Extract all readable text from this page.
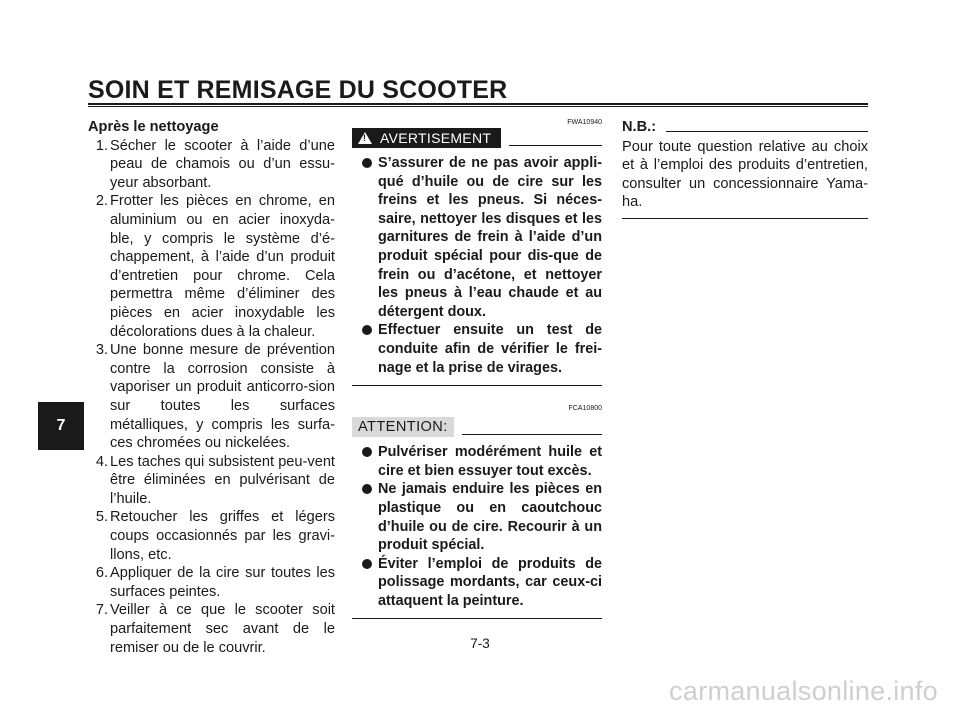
SOIN ET REMISAGE DU SCOOTER
7
Après le nettoyage
1. Sécher le scooter à l’aide d’une peau de chamois ou d’un essu-yeur absorbant.
2. Frotter les pièces en chrome, en aluminium ou en acier inoxyda-ble, y compris le système d’é-chappement, à l’aide d’un produit d’entretien pour chrome. Cela permettra même d’éliminer des pièces en acier inoxydable les décolorations dues à la chaleur.
3. Une bonne mesure de prévention contre la corrosion consiste à vaporiser un produit anticorro-sion sur toutes les surfaces métalliques, y compris les surfa-ces chromées ou nickelées.
4. Les taches qui subsistent peu-vent être éliminées en pulvérisant de l’huile.
5. Retoucher les griffes et légers coups occasionnés par les gravi-llons, etc.
6. Appliquer de la cire sur toutes les surfaces peintes.
7. Veiller à ce que le scooter soit parfaitement sec avant de le remiser ou de le couvrir.
FWA10940
! AVERTISEMENT
S’assurer de ne pas avoir appli-qué d’huile ou de cire sur les freins et les pneus. Si néces-saire, nettoyer les disques et les garnitures de frein à l’aide d’un produit spécial pour dis-que de frein ou d’acétone, et nettoyer les pneus à l’eau chaude et au détergent doux.
Effectuer ensuite un test de conduite afin de vérifier le frei-nage et la prise de virages.
FCA10800
ATTENTION:
Pulvériser modérément huile et cire et bien essuyer tout excès.
Ne jamais enduire les pièces en plastique ou en caoutchouc d’huile ou de cire. Recourir à un produit spécial.
Éviter l’emploi de produits de polissage mordants, car ceux-ci attaquent la peinture.
N.B.:
Pour toute question relative au choix et à l’emploi des produits d’entretien, consulter un concessionnaire Yama-ha.
7-3
carmanualsonline.info
